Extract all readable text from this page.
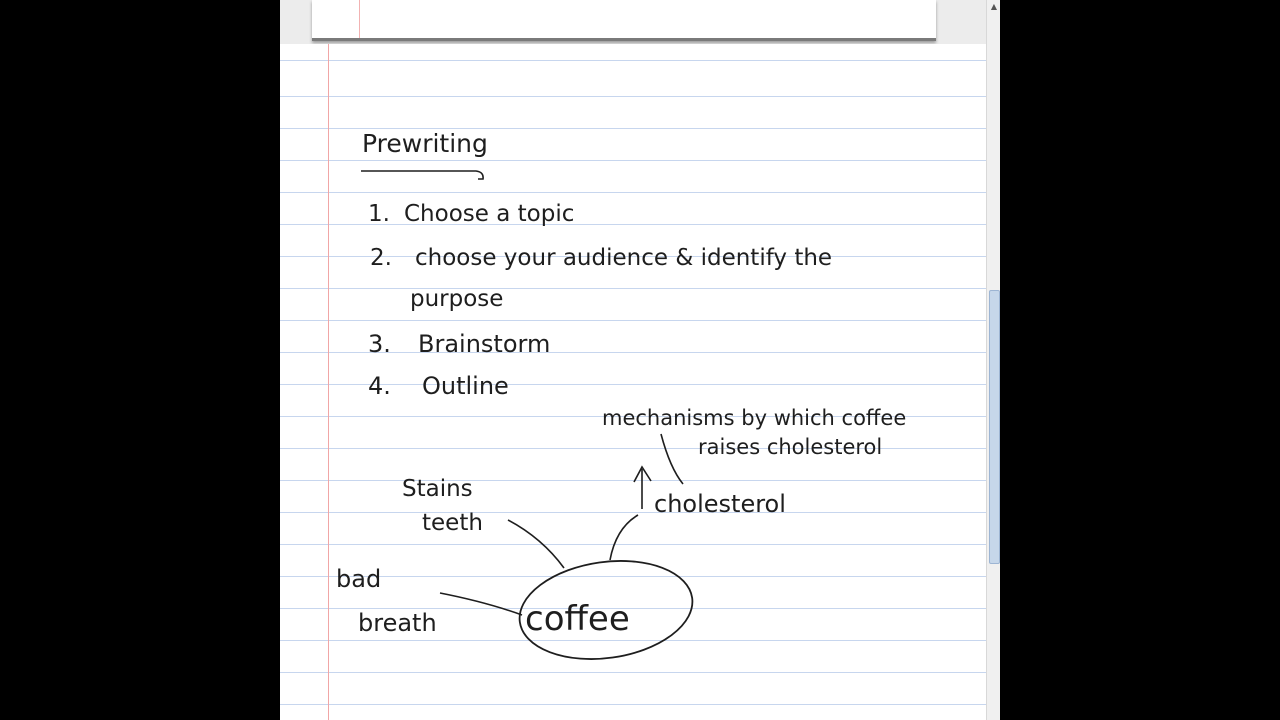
Prewriting
1. Choose a topic
2. choose your audience & identify the
purpose
3. Brainstorm
4. Outline
coffee
Stains
teeth
bad
breath
cholesterol
mechanisms by which coffee
raises cholesterol
▲
